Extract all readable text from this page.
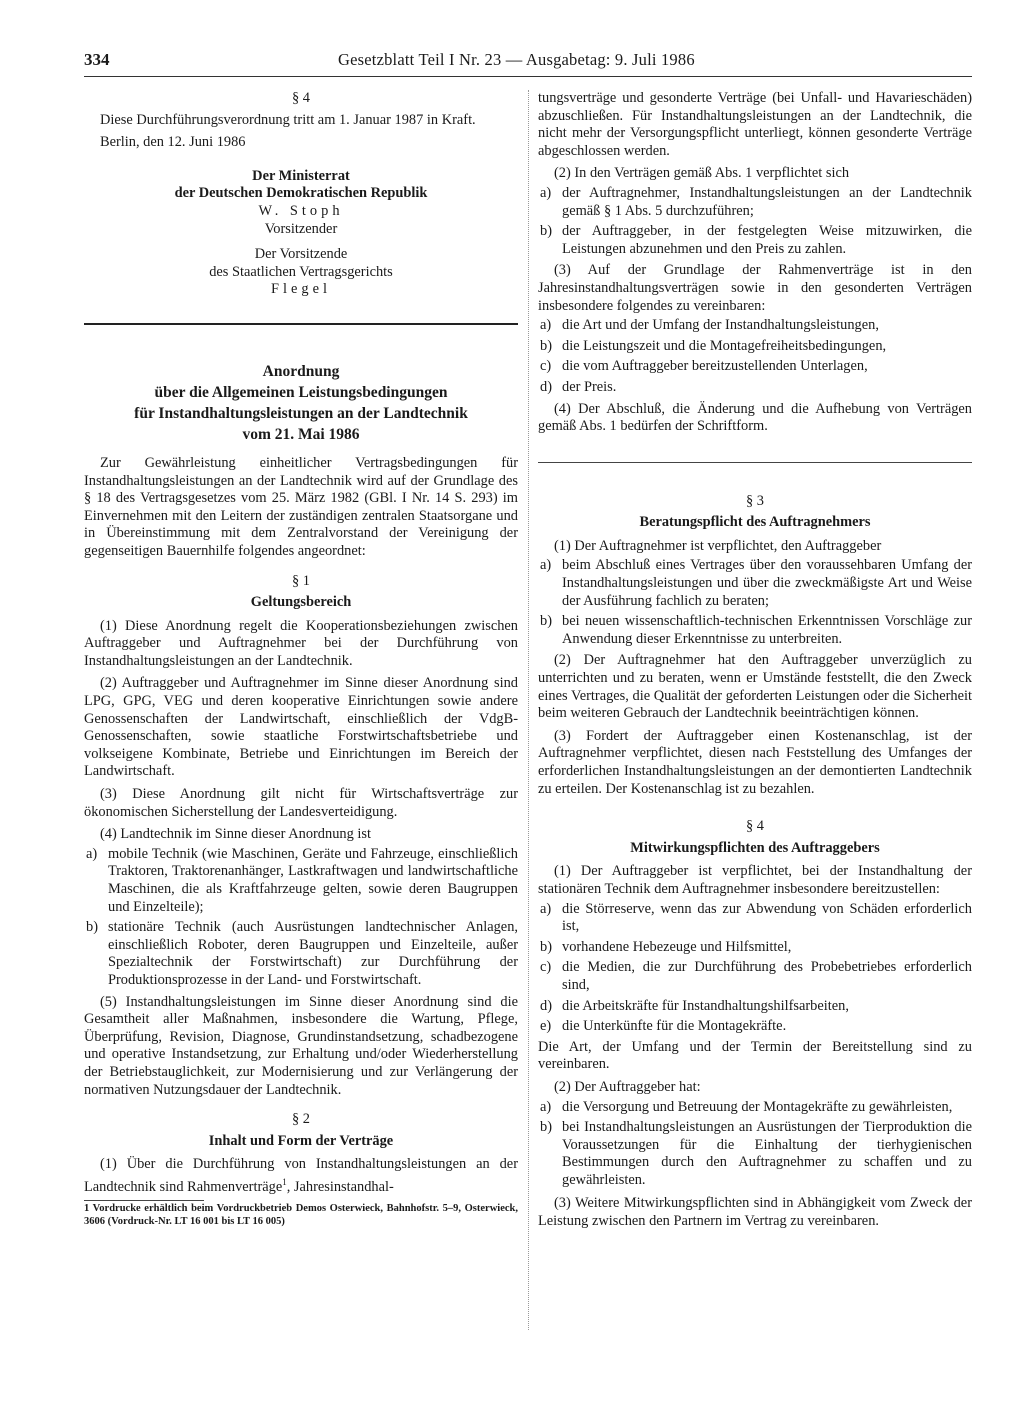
334	Gesetzblatt Teil I Nr. 23 — Ausgabetag: 9. Juli 1986

§ 4

Diese Durchführungsverordnung tritt am 1. Januar 1987 in Kraft.

Berlin, den 12. Juni 1986

Der Ministerrat

der Deutschen Demokratischen Republik

W. Stoph

Vorsitzender

Der Vorsitzende

des Staatlichen Vertragsgerichts

Flegel

Anordnung

über die Allgemeinen Leistungsbedingungen

für Instandhaltungsleistungen an der Landtechnik

vom 21. Mai 1986

Zur Gewährleistung einheitlicher Vertragsbedingungen für Instandhaltungsleistungen an der Landtechnik wird auf der Grundlage des § 18 des Vertragsgesetzes vom 25. März 1982 (GBl. I Nr. 14 S. 293) im Einvernehmen mit den Leitern der zuständigen zentralen Staatsorgane und in Übereinstimmung mit dem Zentralvorstand der Vereinigung der gegenseitigen Bauernhilfe folgendes angeordnet:

§ 1

Geltungsbereich

(1) Diese Anordnung regelt die Kooperationsbeziehungen zwischen Auftraggeber und Auftragnehmer bei der Durchführung von Instandhaltungsleistungen an der Landtechnik.

(2) Auftraggeber und Auftragnehmer im Sinne dieser Anordnung sind LPG, GPG, VEG und deren kooperative Einrichtungen sowie andere Genossenschaften der Landwirtschaft, einschließlich der VdgB-Genossenschaften, sowie staatliche Forstwirtschaftsbetriebe und volkseigene Kombinate, Betriebe und Einrichtungen im Bereich der Landwirtschaft.

(3) Diese Anordnung gilt nicht für Wirtschaftsverträge zur ökonomischen Sicherstellung der Landesverteidigung.

(4) Landtechnik im Sinne dieser Anordnung ist

a) mobile Technik (wie Maschinen, Geräte und Fahrzeuge, einschließlich Traktoren, Traktorenanhänger, Lastkraftwagen und landwirtschaftliche Maschinen, die als Kraftfahrzeuge gelten, sowie deren Baugruppen und Einzelteile);
b) stationäre Technik (auch Ausrüstungen landtechnischer Anlagen, einschließlich Roboter, deren Baugruppen und Einzelteile, außer Spezialtechnik der Forstwirtschaft) zur Durchführung der Produktionsprozesse in der Land- und Forstwirtschaft.

(5) Instandhaltungsleistungen im Sinne dieser Anordnung sind die Gesamtheit aller Maßnahmen, insbesondere die Wartung, Pflege, Überprüfung, Revision, Diagnose, Grundinstandsetzung, schadbezogene und operative Instandsetzung, zur Erhaltung und/oder Wiederherstellung der Betriebstauglichkeit, zur Modernisierung und zur Verlängerung der normativen Nutzungsdauer der Landtechnik.

§ 2

Inhalt und Form der Verträge

(1) Über die Durchführung von Instandhaltungsleistungen an der Landtechnik sind Rahmenverträge$^1$, Jahresinstandhal-

1 Vordrucke erhältlich beim Vordruckbetrieb Demos Osterwieck, Bahnhofstr. 5–9, Osterwieck, 3606 (Vordruck-Nr. LT 16 001 bis LT 16 005)

tungsverträge und gesonderte Verträge (bei Unfall- und Havarieschäden) abzuschließen. Für Instandhaltungsleistungen an der Landtechnik, die nicht mehr der Versorgungspflicht unterliegt, können gesonderte Verträge abgeschlossen werden.

(2) In den Verträgen gemäß Abs. 1 verpflichtet sich

a) der Auftragnehmer, Instandhaltungsleistungen an der Landtechnik gemäß § 1 Abs. 5 durchzuführen;
b) der Auftraggeber, in der festgelegten Weise mitzuwirken, die Leistungen abzunehmen und den Preis zu zahlen.

(3) Auf der Grundlage der Rahmenverträge ist in den Jahresinstandhaltungsverträgen sowie in den gesonderten Verträgen insbesondere folgendes zu vereinbaren:

a) die Art und der Umfang der Instandhaltungsleistungen,
b) die Leistungszeit und die Montagefreiheitsbedingungen,
c) die vom Auftraggeber bereitzustellenden Unterlagen,
d) der Preis.

(4) Der Abschluß, die Änderung und die Aufhebung von Verträgen gemäß Abs. 1 bedürfen der Schriftform.

§ 3

Beratungspflicht des Auftragnehmers

(1) Der Auftragnehmer ist verpflichtet, den Auftraggeber

a) beim Abschluß eines Vertrages über den voraussehbaren Umfang der Instandhaltungsleistungen und über die zweckmäßigste Art und Weise der Ausführung fachlich zu beraten;
b) bei neuen wissenschaftlich-technischen Erkenntnissen Vorschläge zur Anwendung dieser Erkenntnisse zu unterbreiten.

(2) Der Auftragnehmer hat den Auftraggeber unverzüglich zu unterrichten und zu beraten, wenn er Umstände feststellt, die den Zweck eines Vertrages, die Qualität der geforderten Leistungen oder die Sicherheit beim weiteren Gebrauch der Landtechnik beeinträchtigen können.

(3) Fordert der Auftraggeber einen Kostenanschlag, ist der Auftragnehmer verpflichtet, diesen nach Feststellung des Umfanges der erforderlichen Instandhaltungsleistungen an der demontierten Landtechnik zu erteilen. Der Kostenanschlag ist zu bezahlen.

§ 4

Mitwirkungspflichten des Auftraggebers

(1) Der Auftraggeber ist verpflichtet, bei der Instandhaltung der stationären Technik dem Auftragnehmer insbesondere bereitzustellen:

a) die Störreserve, wenn das zur Abwendung von Schäden erforderlich ist,
b) vorhandene Hebezeuge und Hilfsmittel,
c) die Medien, die zur Durchführung des Probebetriebes erforderlich sind,
d) die Arbeitskräfte für Instandhaltungshilfsarbeiten,
e) die Unterkünfte für die Montagekräfte.

Die Art, der Umfang und der Termin der Bereitstellung sind zu vereinbaren.

(2) Der Auftraggeber hat:

a) die Versorgung und Betreuung der Montagekräfte zu gewährleisten,
b) bei Instandhaltungsleistungen an Ausrüstungen der Tierproduktion die Voraussetzungen für die Einhaltung der tierhygienischen Bestimmungen durch den Auftragnehmer zu schaffen und zu gewährleisten.

(3) Weitere Mitwirkungspflichten sind in Abhängigkeit vom Zweck der Leistung zwischen den Partnern im Vertrag zu vereinbaren.
